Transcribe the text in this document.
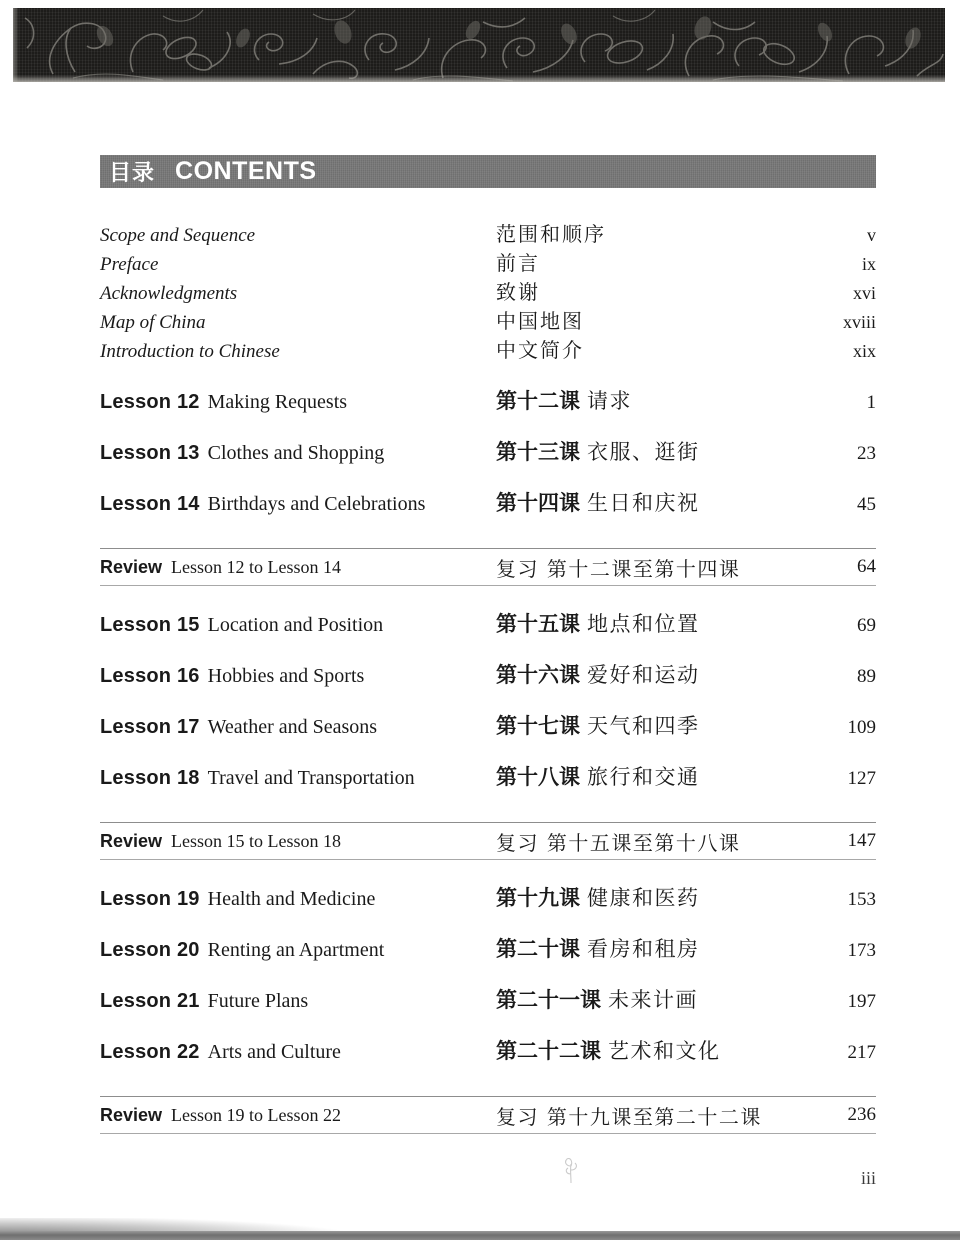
目录 CONTENTS
Scope and Sequence	范围和顺序	v
Preface	前言	ix
Acknowledgments	致谢	xvi
Map of China	中国地图	xviii
Introduction to Chinese	中文简介	xix
Lesson 12 Making Requests	第十二课 请求	1
Lesson 13 Clothes and Shopping	第十三课 衣服、逛街	23
Lesson 14 Birthdays and Celebrations	第十四课 生日和庆祝	45
Review Lesson 12 to Lesson 14	复习 第十二课至第十四课	64
Lesson 15 Location and Position	第十五课 地点和位置	69
Lesson 16 Hobbies and Sports	第十六课 爱好和运动	89
Lesson 17 Weather and Seasons	第十七课 天气和四季	109
Lesson 18 Travel and Transportation	第十八课 旅行和交通	127
Review Lesson 15 to Lesson 18	复习 第十五课至第十八课	147
Lesson 19 Health and Medicine	第十九课 健康和医药	153
Lesson 20 Renting an Apartment	第二十课 看房和租房	173
Lesson 21 Future Plans	第二十一课 未来计画	197
Lesson 22 Arts and Culture	第二十二课 艺术和文化	217
Review Lesson 19 to Lesson 22	复习 第十九课至第二十二课	236
iii
